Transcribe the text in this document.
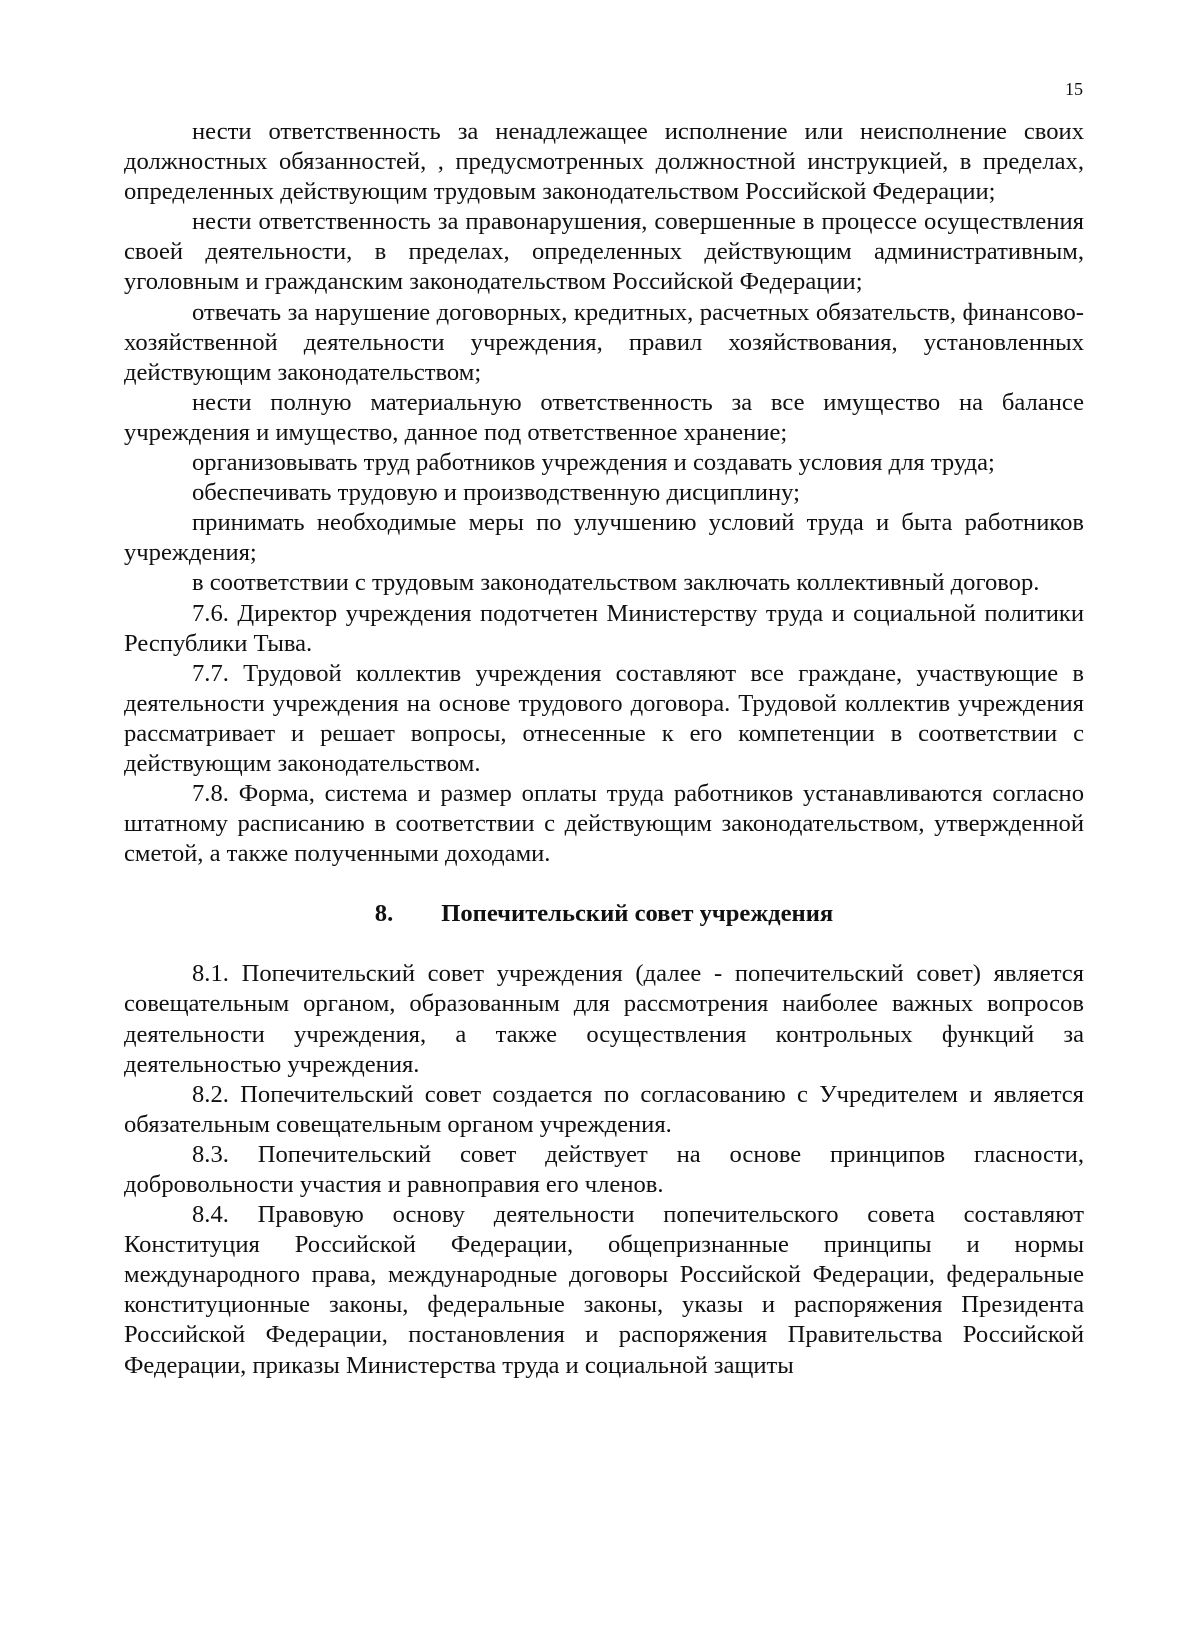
15

нести ответственность за ненадлежащее исполнение или неисполнение своих должностных обязанностей, , предусмотренных должностной инструкцией, в пределах, определенных действующим трудовым законодательством Российской Федерации;

нести ответственность за правонарушения, совершенные в процессе осуществления своей деятельности, в пределах, определенных действующим административным, уголовным и гражданским законодательством Российской Федерации;

отвечать за нарушение договорных, кредитных, расчетных обязательств, финансово-хозяйственной деятельности учреждения, правил хозяйствования, установленных действующим законодательством;

нести полную материальную ответственность за все имущество на балансе учреждения и имущество, данное под ответственное хранение;

организовывать труд работников учреждения и создавать условия для труда;

обеспечивать трудовую и производственную дисциплину;

принимать необходимые меры по улучшению условий труда и быта работников учреждения;

в соответствии с трудовым законодательством заключать коллективный договор.

7.6. Директор учреждения подотчетен Министерству труда и социальной политики Республики Тыва.

7.7. Трудовой коллектив учреждения составляют все граждане, участвующие в деятельности учреждения на основе трудового договора. Трудовой коллектив учреждения рассматривает и решает вопросы, отнесенные к его компетенции в соответствии с действующим законодательством.

7.8. Форма, система и размер оплаты труда работников устанавливаются согласно штатному расписанию в соответствии с действующим законодательством, утвержденной сметой, а также полученными доходами.

8. Попечительский совет учреждения

8.1. Попечительский совет учреждения (далее - попечительский совет) является совещательным органом, образованным для рассмотрения наиболее важных вопросов деятельности учреждения, а также осуществления контрольных функций за деятельностью учреждения.

8.2. Попечительский совет создается по согласованию с Учредителем и является обязательным совещательным органом учреждения.

8.3. Попечительский совет действует на основе принципов гласности, добровольности участия и равноправия его членов.

8.4. Правовую основу деятельности попечительского совета составляют Конституция Российской Федерации, общепризнанные принципы и нормы международного права, международные договоры Российской Федерации, федеральные конституционные законы, федеральные законы, указы и распоряжения Президента Российской Федерации, постановления и распоряжения Правительства Российской Федерации, приказы Министерства труда и социальной защиты
